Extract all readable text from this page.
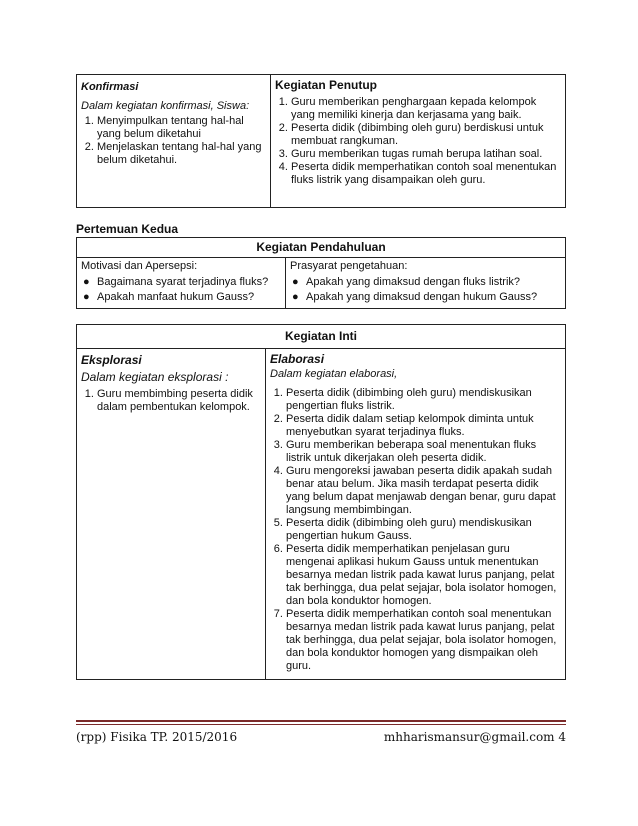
Konfirmasi
Dalam kegiatan konfirmasi, Siswa:
1. Menyimpulkan tentang hal-hal yang belum diketahui
2. Menjelaskan tentang hal-hal yang belum diketahui.

Kegiatan Penutup
1. Guru memberikan penghargaan kepada kelompok yang memiliki kinerja dan kerjasama yang baik.
2. Peserta didik (dibimbing oleh guru) berdiskusi untuk membuat rangkuman.
3. Guru memberikan tugas rumah berupa latihan soal.
4. Peserta didik memperhatikan contoh soal menentukan fluks listrik yang disampaikan oleh guru.
Pertemuan Kedua
Kegiatan Pendahuluan

Motivasi dan Apersepsi:
● Bagaimana syarat terjadinya fluks?
● Apakah manfaat hukum Gauss?

Prasyarat pengetahuan:
● Apakah yang dimaksud dengan fluks listrik?
● Apakah yang dimaksud dengan hukum Gauss?
Kegiatan Inti

Eksplorasi
Dalam kegiatan eksplorasi :
1. Guru membimbing peserta didik dalam pembentukan kelompok.

Elaborasi
Dalam kegiatan elaborasi,
1. Peserta didik (dibimbing oleh guru) mendiskusikan pengertian fluks listrik.
2. Peserta didik dalam setiap kelompok diminta untuk menyebutkan syarat terjadinya fluks.
3. Guru memberikan beberapa soal menentukan fluks listrik untuk dikerjakan oleh peserta didik.
4. Guru mengoreksi jawaban peserta didik apakah sudah benar atau belum. Jika masih terdapat peserta didik yang belum dapat menjawab dengan benar, guru dapat langsung membimbingan.
5. Peserta didik (dibimbing oleh guru) mendiskusikan pengertian hukum Gauss.
6. Peserta didik memperhatikan penjelasan guru mengenai aplikasi hukum Gauss untuk menentukan besarnya medan listrik pada kawat lurus panjang, pelat tak berhingga, dua pelat sejajar, bola isolator homogen, dan bola konduktor homogen.
7. Peserta didik memperhatikan contoh soal menentukan besarnya medan listrik pada kawat lurus panjang, pelat tak berhingga, dua pelat sejajar, bola isolator homogen, dan bola konduktor homogen yang dismpaikan oleh guru.
(rpp) Fisika TP. 2015/2016	mhharismansur@gmail.com 4
